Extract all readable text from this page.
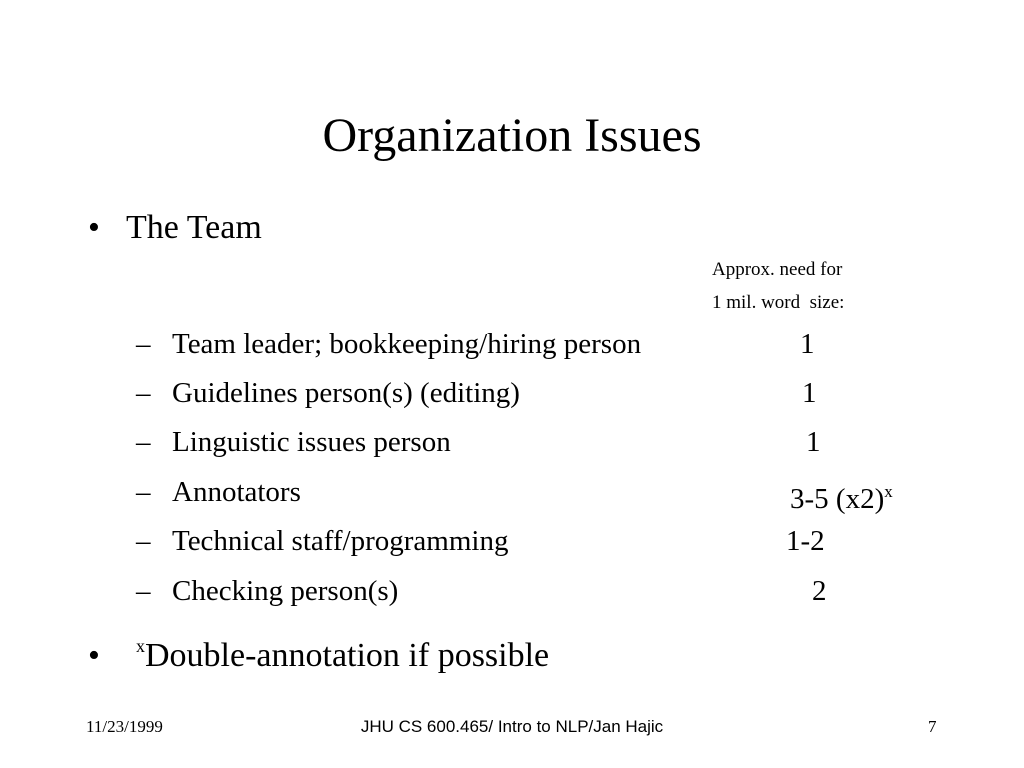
Organization Issues
• The Team
Approx. need for
1 mil. word  size:
– Team leader; bookkeeping/hiring person	1
– Guidelines person(s) (editing)	1
– Linguistic issues person	1
– Annotators	3-5 $(x2)^x$
– Technical staff/programming	1-2
– Checking person(s)	2
• $^x$Double-annotation if possible
11/23/1999	JHU CS 600.465/ Intro to NLP/Jan Hajic	7
